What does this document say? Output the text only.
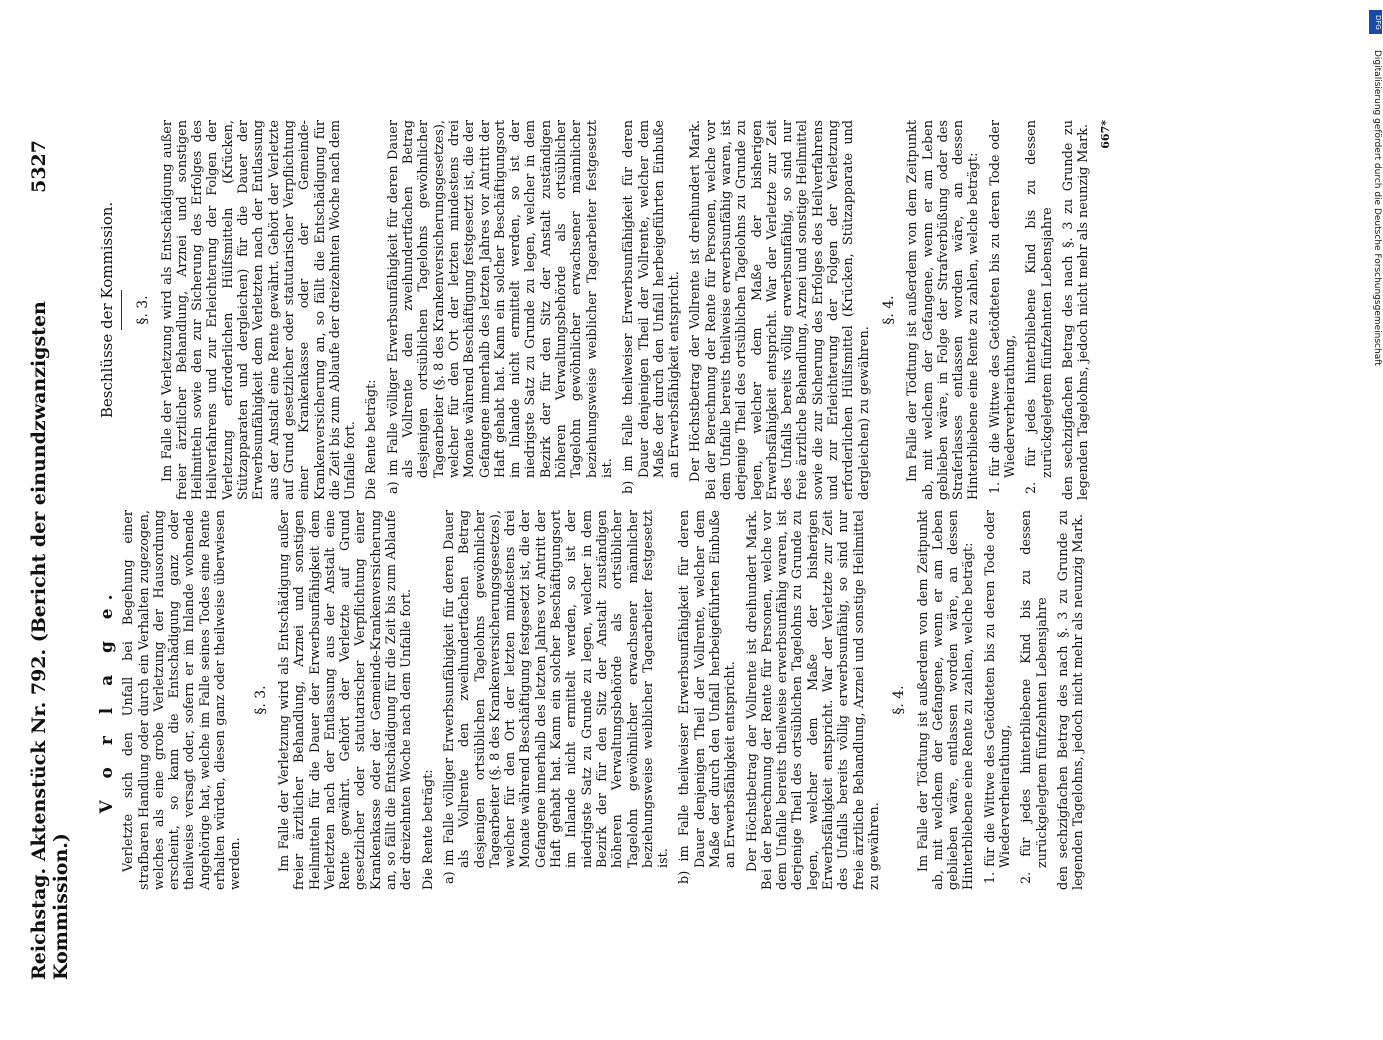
Reichstag. Aktenstück Nr. 792. (Bericht der einundzwanzigsten Kommission.)
5327
V o r l a g e. Verletzte sich den Unfall bei Begehung einer strafbaren Handlung oder durch ein Verhalten zugezogen, welches als eine grobe Verletzung der Hausordnung erscheint, so kann die Entschädigung ganz oder theilweise versagt oder, sofern er im Inlande wohnende Angehörige hat, welche im Falle seines Todes eine Rente erhalten würden, diesen ganz oder theilweise überwiesen werden.

§. 3. Im Falle der Verletzung wird als Entschädigung außer freier ärztlicher Behandlung, Arznei und sonstigen Heilmitteln für die Dauer der Erwerbsunfähigkeit dem Verletzten nach der Entlassung aus der Anstalt eine Rente gewährt. Gehört der Verletzte auf Grund gesetzlicher oder statutarischer Verpflichtung einer Krankenkasse oder der Gemeinde-Krankenversicherung an, so fällt die Entschädigung für die Zeit bis zum Ablaufe der dreizehnten Woche nach dem Unfalle fort. Die Rente beträgt: a) im Falle völliger Erwerbsunfähigkeit für deren Dauer als Vollrente den zweihundertfachen Betrag desjenigen ortsüblichen Tagelohns gewöhnlicher Tagearbeiter (§. 8 des Krankenversicherungsgesetzes), welcher für den Ort der letzten mindestens drei Monate während Beschäftigung festgesetzt ist, die der Gefangene innerhalb des letzten Jahres vor Antritt der Haft gehabt hat. Kann ein solcher Beschäftigungsort im Inlande nicht ermittelt werden, so ist der niedrigste Satz zu Grunde zu legen, welcher in dem Bezirk der für den Sitz der Anstalt zuständigen höheren Verwaltungsbehörde als ortsüblicher Tagelohn gewöhnlicher erwachsener männlicher beziehungsweise weiblicher Tagearbeiter festgesetzt ist. b) im Falle theilweiser Erwerbsunfähigkeit für deren Dauer denjenigen Theil der Vollrente, welcher dem Maße der durch den Unfall herbeigeführten Einbuße an Erwerbsfähigkeit entspricht. Der Höchstbetrag der Vollrente ist dreihundert Mark. Bei der Berechnung der Rente für Personen, welche vor dem Unfalle bereits theilweise erwerbsunfähig waren, ist derjenige Theil des ortsüblichen Tagelohns zu Grunde zu legen, welcher dem Maße der bisherigen Erwerbsfähigkeit entspricht. War der Verletzte zur Zeit des Unfalls bereits völlig erwerbsunfähig, so sind nur freie ärztliche Behandlung, Arznei und sonstige Heilmittel zu gewähren.

§. 4. Im Falle der Tödtung ist außerdem von dem Zeitpunkt ab, mit welchem der Gefangene, wenn er am Leben geblieben wäre, entlassen worden wäre, an dessen Hinterbliebene eine Rente zu zahlen, welche beträgt: 1. für die Wittwe des Getödteten bis zu deren Tode oder Wiederverheirathung, 2. für jedes hinterbliebene Kind bis zu dessen zurückgelegtem fünfzehnten Lebensjahre den sechzigfachen Betrag des nach §. 3 zu Grunde zu legenden Tagelohns, jedoch nicht mehr als neunzig Mark.

Beschlüsse der Kommission. §. 3. Im Falle der Verletzung wird als Entschädigung außer freier ärztlicher Behandlung, Arznei und sonstigen Heilmitteln sowie den zur Sicherung des Erfolges des Heilverfahrens und zur Erleichterung der Folgen der Verletzung erforderlichen Hülfsmitteln (Krücken, Stützapparaten und dergleichen) für die Dauer der Erwerbsunfähigkeit dem Verletzten nach der Entlassung aus der Anstalt eine Rente gewährt. Gehört der Verletzte auf Grund gesetzlicher oder statutarischer Verpflichtung einer Krankenkasse oder der Gemeinde-Krankenversicherung an, so fällt die Entschädigung für die Zeit bis zum Ablaufe der dreizehnten Woche nach dem Unfalle fort. Die Rente beträgt: a) im Falle völliger Erwerbsunfähigkeit für deren Dauer als Vollrente den zweihundertfachen Betrag desjenigen ortsüblichen Tagelohns gewöhnlicher Tagearbeiter (§. 8 des Krankenversicherungsgesetzes), welcher für den Ort der letzten mindestens drei Monate während Beschäftigung festgesetzt ist, die der Gefangene innerhalb des letzten Jahres vor Antritt der Haft gehabt hat. Kann ein solcher Beschäftigungsort im Inlande nicht ermittelt werden, so ist der niedrigste Satz zu Grunde zu legen, welcher in dem Bezirk der für den Sitz der Anstalt zuständigen höheren Verwaltungsbehörde als ortsüblicher Tagelohn gewöhnlicher erwachsener männlicher beziehungsweise weiblicher Tagearbeiter festgesetzt ist. b) im Falle theilweiser Erwerbsunfähigkeit für deren Dauer denjenigen Theil der Vollrente, welcher dem Maße der durch den Unfall herbeigeführten Einbuße an Erwerbsfähigkeit entspricht. Der Höchstbetrag der Vollrente ist dreihundert Mark. Bei der Berechnung der Rente für Personen, welche vor dem Unfalle bereits theilweise erwerbsunfähig waren, ist derjenige Theil des ortsüblichen Tagelohns zu Grunde zu legen, welcher dem Maße der bisherigen Erwerbsfähigkeit entspricht. War der Verletzte zur Zeit des Unfalls bereits völlig erwerbsunfähig, so sind nur freie ärztliche Behandlung, Arznei und sonstige Heilmittel sowie die zur Sicherung des Erfolges des Heilverfahrens und zur Erleichterung der Folgen der Verletzung erforderlichen Hülfsmittel (Krücken, Stützapparate und dergleichen) zu gewähren.

§. 4. Im Falle der Tödtung ist außerdem von dem Zeitpunkt ab, mit welchem der Gefangene, wenn er am Leben geblieben wäre, in Folge der Strafverbüßung oder des Straferlasses entlassen worden wäre, an dessen Hinterbliebene eine Rente zu zahlen, welche beträgt: 1. für die Wittwe des Getödteten bis zu deren Tode oder Wiederverheirathung, 2. für jedes hinterbliebene Kind bis zu dessen zurückgelegtem fünfzehnten Lebensjahre den sechzigfachen Betrag des nach §. 3 zu Grunde zu legenden Tagelohns, jedoch nicht mehr als neunzig Mark. 667*
DFG
Digitalisierung gefördert durch die Deutsche Forschungsgemeinschaft
